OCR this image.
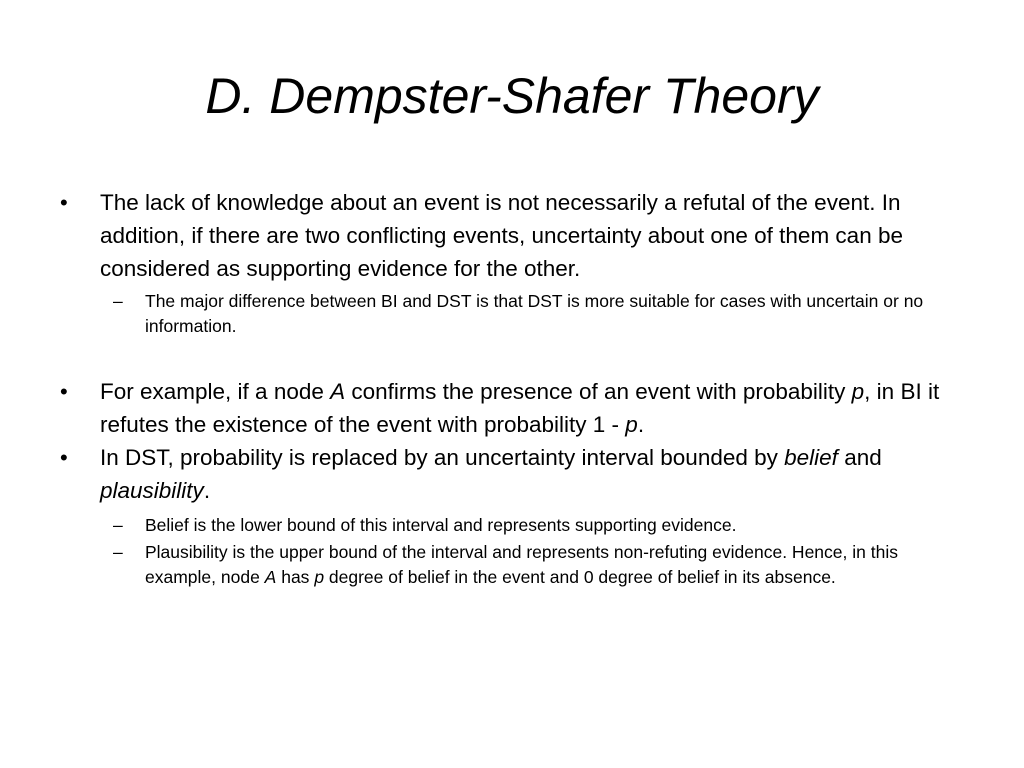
D. Dempster-Shafer Theory

• The lack of knowledge about an event is not necessarily a refutal of the event. In addition, if there are two conflicting events, uncertainty about one of them can be considered as supporting evidence for the other.

– The major difference between BI and DST is that DST is more suitable for cases with uncertain or no information.

• For example, if a node A confirms the presence of an event with probability p, in BI it refutes the existence of the event with probability 1 - p.

• In DST, probability is replaced by an uncertainty interval bounded by belief and plausibility.

– Belief is the lower bound of this interval and represents supporting evidence.

– Plausibility is the upper bound of the interval and represents non-refuting evidence. Hence, in this example, node A has p degree of belief in the event and 0 degree of belief in its absence.
